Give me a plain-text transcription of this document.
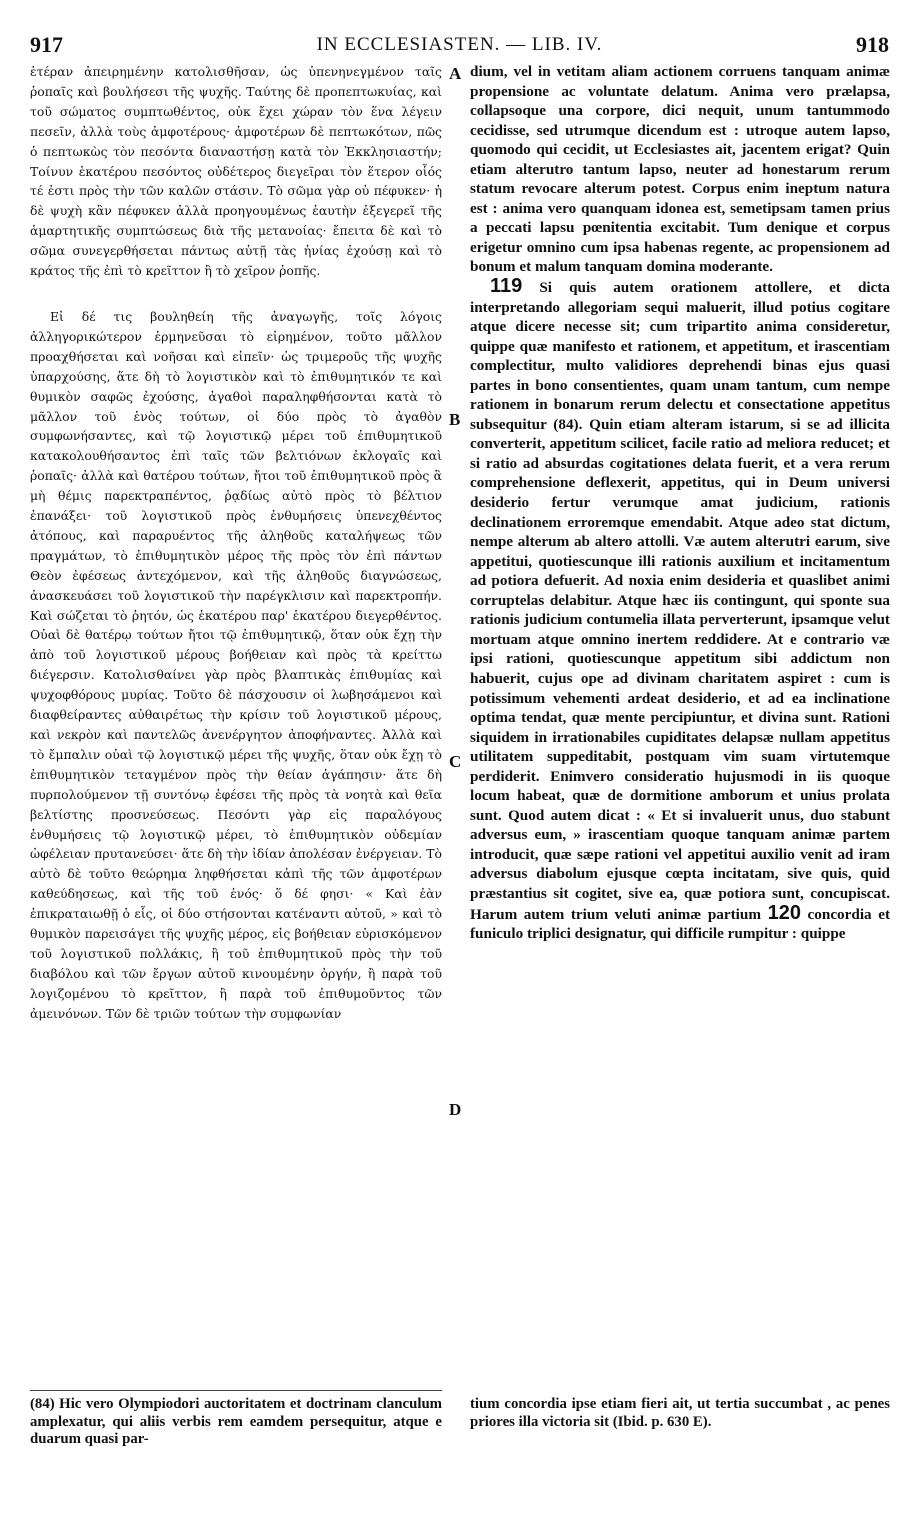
917	IN ECCLESIASTEN. — LIB. IV.	918

ἑτέραν ἀπειρημένην κατολισθῆσαν, ὡς ὑπενηνεγμένον ταῖς ῥοπαῖς καὶ βουλήσεσι τῆς ψυχῆς. Ταύτης δὲ προπεπτωκυίας, καὶ τοῦ σώματος συμπτωθέντος, οὐκ ἔχει χώραν τὸν ἕνα λέγειν πεσεῖν, ἀλλὰ τοὺς ἀμφοτέρους· ἀμφοτέρων δὲ πεπτωκότων, πῶς ὁ πεπτωκὼς τὸν πεσόντα διαναστήσῃ κατὰ τὸν Ἐκκλησιαστήν; Τοίνυν ἑκατέρου πεσόντος οὐδέτερος διεγεῖραι τὸν ἕτερον οἷός τέ ἐστι πρὸς τὴν τῶν καλῶν στάσιν. Τὸ σῶμα γὰρ οὐ πέφυκεν· ἡ δὲ ψυχὴ κἂν πέφυκεν ἀλλὰ προηγουμένως ἑαυτὴν ἐξεγερεῖ τῆς ἁμαρτητικῆς συμπτώσεως διὰ τῆς μετανοίας· ἔπειτα δὲ καὶ τὸ σῶμα συνεγερθήσεται πάντως αὐτῇ τὰς ἡνίας ἐχούσῃ καὶ τὸ κράτος τῆς ἐπὶ τὸ κρεῖττον ἢ τὸ χεῖρον ῥοπῆς.

Εἰ δέ τις βουληθείη τῆς ἀναγωγῆς, τοῖς λόγοις ἀλληγορικώτερον ἑρμηνεῦσαι τὸ εἰρημένον, τοῦτο μᾶλλον προαχθήσεται καὶ νοῆσαι καὶ εἰπεῖν· ὡς τριμεροῦς τῆς ψυχῆς ὑπαρχούσης, ἅτε δὴ τὸ λογιστικὸν καὶ τὸ ἐπιθυμητικόν τε καὶ θυμικὸν σαφῶς ἐχούσης, ἀγαθοὶ παραληφθήσονται κατὰ τὸ μᾶλλον τοῦ ἑνὸς τούτων, οἱ δύο πρὸς τὸ ἀγαθὸν συμφωνήσαντες, καὶ τῷ λογιστικῷ μέρει τοῦ ἐπιθυμητικοῦ κατακολουθήσαντος ἐπὶ ταῖς τῶν βελτιόνων ἐκλογαῖς καὶ ῥοπαῖς· ἀλλὰ καὶ θατέρου τούτων, ἤτοι τοῦ ἐπιθυμητικοῦ πρὸς ἃ μὴ θέμις παρεκτραπέντος, ῥᾳδίως αὐτὸ πρὸς τὸ βέλτιον ἐπανάξει· τοῦ λογιστικοῦ πρὸς ἐνθυμήσεις ὑπενεχθέντος ἀτόπους, καὶ παραρυέντος τῆς ἀληθοῦς καταλήψεως τῶν πραγμάτων, τὸ ἐπιθυμητικὸν μέρος τῆς πρὸς τὸν ἐπὶ πάντων Θεὸν ἐφέσεως ἀντεχόμενον, καὶ τῆς ἀληθοῦς διαγνώσεως, ἀνασκευάσει τοῦ λογιστικοῦ τὴν παρέγκλισιν καὶ παρεκτροπήν. Καὶ σώζεται τὸ ῥητόν, ὡς ἑκατέρου παρ' ἑκατέρου διεγερθέντος. Οὐαὶ δὲ θατέρῳ τούτων ἤτοι τῷ ἐπιθυμητικῷ, ὅταν οὐκ ἔχῃ τὴν ἀπὸ τοῦ λογιστικοῦ μέρους βοήθειαν καὶ πρὸς τὰ κρείττω διέγερσιν. Κατολισθαίνει γὰρ πρὸς βλαπτικὰς ἐπιθυμίας καὶ ψυχοφθόρους μυρίας. Τοῦτο δὲ πάσχουσιν οἱ λωβησάμενοι καὶ διαφθείραντες αὐθαιρέτως τὴν κρίσιν τοῦ λογιστικοῦ μέρους, καὶ νεκρὸν καὶ παντελῶς ἀνενέργητον ἀποφήναντες. Ἀλλὰ καὶ τὸ ἔμπαλιν οὐαὶ τῷ λογιστικῷ μέρει τῆς ψυχῆς, ὅταν οὐκ ἔχῃ τὸ ἐπιθυμητικὸν τεταγμένον πρὸς τὴν θείαν ἀγάπησιν· ἅτε δὴ πυρπολούμενον τῇ συντόνῳ ἐφέσει τῆς πρὸς τὰ νοητὰ καὶ θεῖα βελτίστης προσνεύσεως. Πεσόντι γὰρ εἰς παραλόγους ἐνθυμήσεις τῷ λογιστικῷ μέρει, τὸ ἐπιθυμητικὸν οὐδεμίαν ὠφέλειαν πρυτανεύσει· ἅτε δὴ τὴν ἰδίαν ἀπολέσαν ἐνέργειαν. Τὸ αὐτὸ δὲ τοῦτο θεώρημα ληφθήσεται κἀπὶ τῆς τῶν ἀμφοτέρων καθεύδησεως, καὶ τῆς τοῦ ἑνός· ὅ δέ φησι· « Καὶ ἐὰν ἐπικραταιωθῇ ὁ εἷς, οἱ δύο στήσονται κατέναντι αὐτοῦ, » καὶ τὸ θυμικὸν παρεισάγει τῆς ψυχῆς μέρος, εἰς βοήθειαν εὑρισκόμενον τοῦ λογιστικοῦ πολλάκις, ἢ τοῦ ἐπιθυμητικοῦ πρὸς τὴν τοῦ διαβόλου καὶ τῶν ἔργων αὐτοῦ κινουμένην ὀργήν, ἢ παρὰ τοῦ λογιζομένου τὸ κρεῖττον, ἢ παρὰ τοῦ ἐπιθυμοῦντος τῶν ἀμεινόνων. Τῶν δὲ τριῶν τούτων τὴν συμφωνίαν

A
B
C
D

dium, vel in vetitam aliam actionem corruens tanquam animæ propensione ac voluntate delatum. Anima vero prælapsa, collapsoque una corpore, dici nequit, unum tantummodo cecidisse, sed utrumque dicendum est : utroque autem lapso, quomodo qui cecidit, ut Ecclesiastes ait, jacentem erigat? Quin etiam alterutro tantum lapso, neuter ad honestarum rerum statum revocare alterum potest. Corpus enim ineptum natura est : anima vero quanquam idonea est, semetipsam tamen prius a peccati lapsu pœnitentia excitabit. Tum denique et corpus erigetur omnino cum ipsa habenas regente, ac propensionem ad bonum et malum tanquam domina moderante.

119 Si quis autem orationem attollere, et dicta interpretando allegoriam sequi maluerit, illud potius cogitare atque dicere necesse sit; cum tripartito anima consideretur, quippe quæ manifesto et rationem, et appetitum, et irascentiam complectitur, multo validiores deprehendi binas ejus quasi partes in bono consentientes, quam unam tantum, cum nempe rationem in bonarum rerum delectu et consectatione appetitus subsequitur (84). Quin etiam alteram istarum, si se ad illicita converterit, appetitum scilicet, facile ratio ad meliora reducet; et si ratio ad absurdas cogitationes delata fuerit, et a vera rerum comprehensione deflexerit, appetitus, qui in Deum universi desiderio fertur verumque amat judicium, rationis declinationem erroremque emendabit. Atque adeo stat dictum, nempe alterum ab altero attolli. Væ autem alterutri earum, sive appetitui, quotiescunque illi rationis auxilium et incitamentum ad potiora defuerit. Ad noxia enim desideria et quaslibet animi corruptelas delabitur. Atque hæc iis contingunt, qui sponte sua rationis judicium contumelia illata perverterunt, ipsamque velut mortuam atque omnino inertem reddidere. At e contrario væ ipsi rationi, quotiescunque appetitum sibi addictum non habuerit, cujus ope ad divinam charitatem aspiret : cum is potissimum vehementi ardeat desiderio, et ad ea inclinatione optima tendat, quæ mente percipiuntur, et divina sunt. Rationi siquidem in irrationabiles cupiditates delapsæ nullam appetitus utilitatem suppeditabit, postquam vim suam virtutemque perdiderit. Enimvero consideratio hujusmodi in iis quoque locum habeat, quæ de dormitione amborum et unius prolata sunt. Quod autem dicat : « Et si invaluerit unus, duo stabunt adversus eum, » irascentiam quoque tanquam animæ partem introducit, quæ sæpe rationi vel appetitui auxilio venit ad iram adversus diabolum ejusque cœpta incitatam, sive quis, quid præstantius sit cogitet, sive ea, quæ potiora sunt, concupiscat. Harum autem trium veluti animæ partium 120 concordia et funiculo triplici designatur, qui difficile rumpitur : quippe

(84) Hic vero Olympiodori auctoritatem et doctrinam clanculum amplexatur, qui aliis verbis rem eamdem persequitur, atque e duarum quasi par-
tium concordia ipse etiam fieri ait, ut tertia succumbat , ac penes priores illa victoria sit (Ibid. p. 630 E).
